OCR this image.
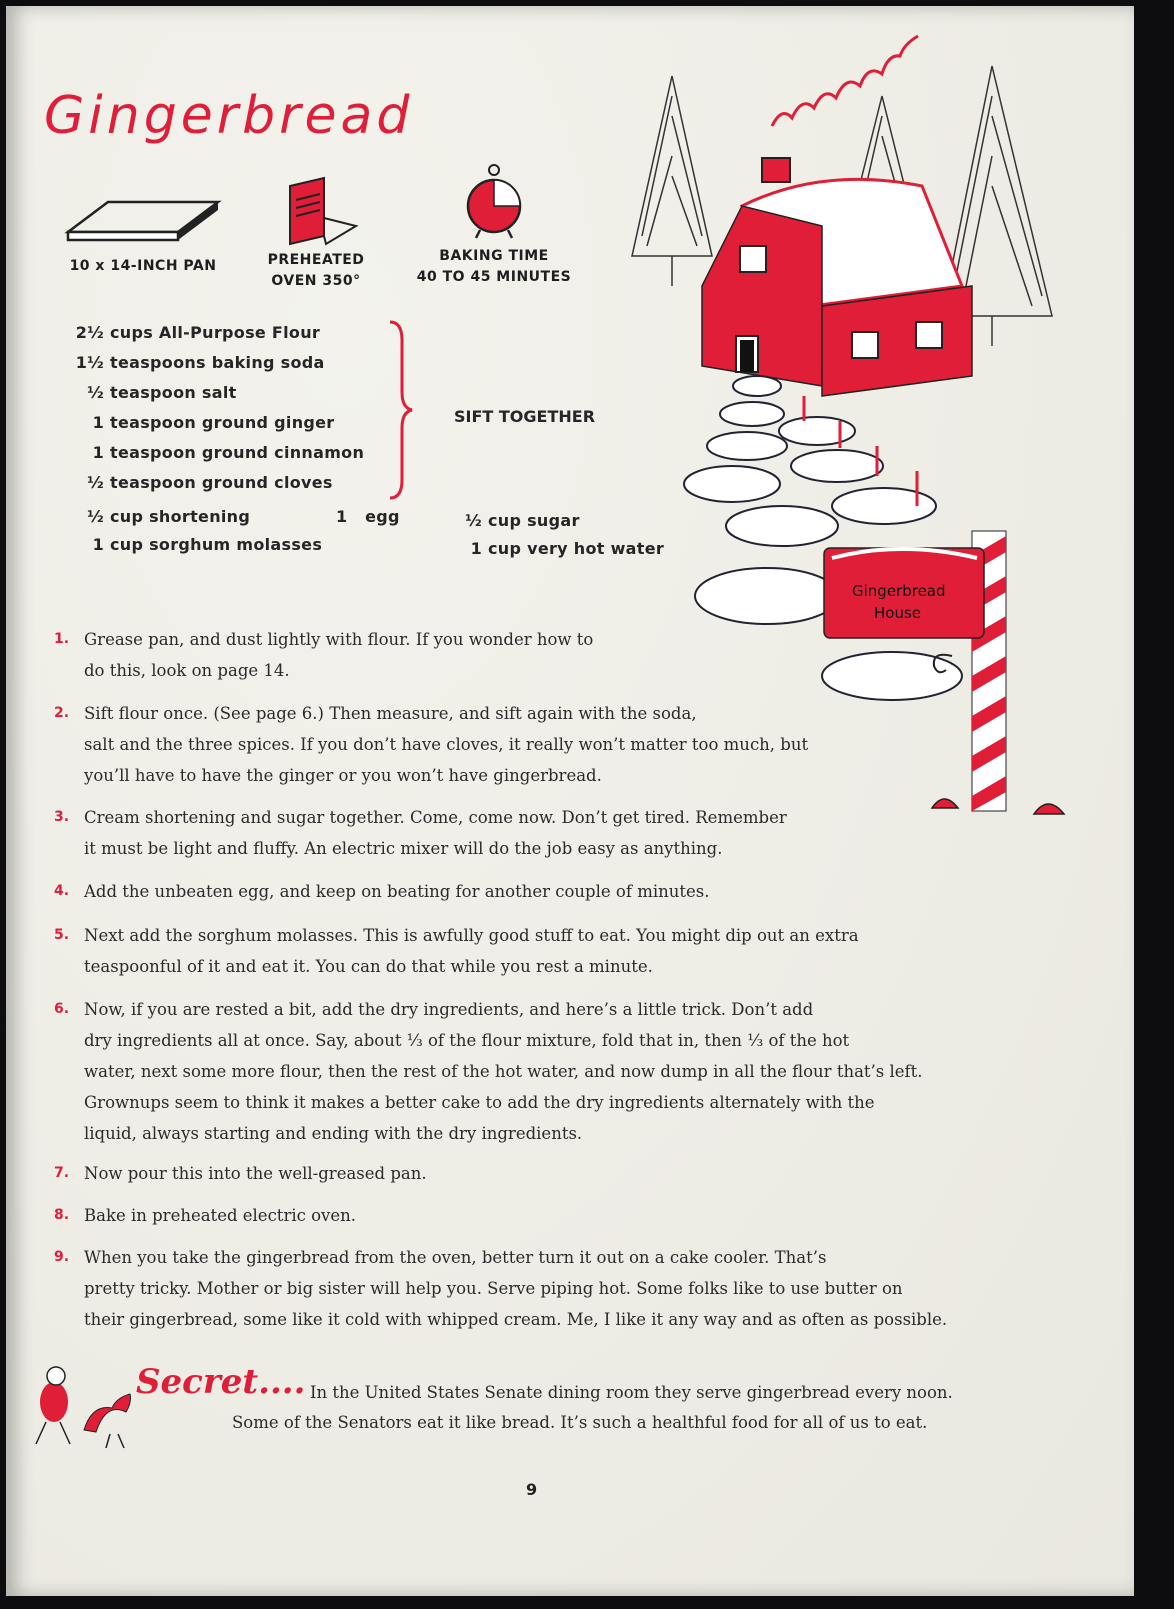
Gingerbread
10 x 14-INCH PAN	PREHEATED
OVEN 350°
BAKING TIME
40 TO 45 MINUTES
2½ cups All-Purpose Flour
1½ teaspoons baking soda
½ teaspoon salt
1 teaspoon ground ginger
1 teaspoon ground cinnamon
½ teaspoon ground cloves
SIFT TOGETHER
½ cup shortening	1 egg	½ cup sugar
1 cup sorghum molasses	1 cup very hot water
Gingerbread
House
1. Grease pan, and dust lightly with flour. If you wonder how to
do this, look on page 14.
2. Sift flour once. (See page 6.) Then measure, and sift again with the soda,
salt and the three spices. If you don’t have cloves, it really won’t matter too much, but
you’ll have to have the ginger or you won’t have gingerbread.
3. Cream shortening and sugar together. Come, come now. Don’t get tired. Remember
it must be light and fluffy. An electric mixer will do the job easy as anything.
4. Add the unbeaten egg, and keep on beating for another couple of minutes.
5. Next add the sorghum molasses. This is awfully good stuff to eat. You might dip out an extra
teaspoonful of it and eat it. You can do that while you rest a minute.
6. Now, if you are rested a bit, add the dry ingredients, and here’s a little trick. Don’t add
dry ingredients all at once. Say, about ⅓ of the flour mixture, fold that in, then ⅓ of the hot
water, next some more flour, then the rest of the hot water, and now dump in all the flour that’s left.
Grownups seem to think it makes a better cake to add the dry ingredients alternately with the
liquid, always starting and ending with the dry ingredients.
7. Now pour this into the well-greased pan.
8. Bake in preheated electric oven.
9. When you take the gingerbread from the oven, better turn it out on a cake cooler. That’s
pretty tricky. Mother or big sister will help you. Serve piping hot. Some folks like to use butter on
their gingerbread, some like it cold with whipped cream. Me, I like it any way and as often as possible.
Secret.... In the United States Senate dining room they serve gingerbread every noon.
Some of the Senators eat it like bread. It’s such a healthful food for all of us to eat.
9
